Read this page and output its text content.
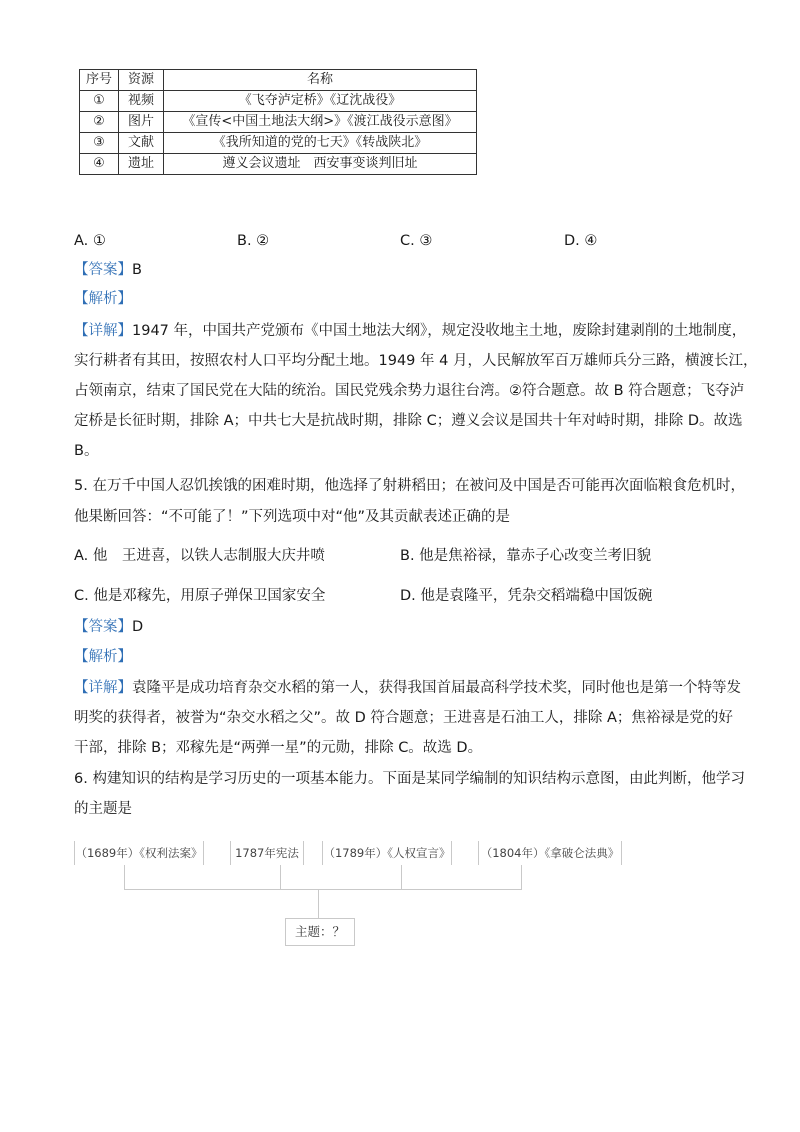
序号	资源	名称
①	视频	《飞夺泸定桥》《辽沈战役》
②	图片	《宣传<中国土地法大纲>》《渡江战役示意图》
③	文献	《我所知道的党的七天》《转战陕北》
④	遗址	遵义会议遗址　西安事变谈判旧址
A. ①	B. ②	C. ③	D. ④
【答案】B
【解析】
【详解】1947 年，中国共产党颁布《中国土地法大纲》，规定没收地主土地，废除封建剥削的土地制度，
实行耕者有其田，按照农村人口平均分配土地。1949 年 4 月，人民解放军百万雄师兵分三路，横渡长江，
占领南京，结束了国民党在大陆的统治。国民党残余势力退往台湾。②符合题意。故 B 符合题意；飞夺泸
定桥是长征时期，排除 A；中共七大是抗战时期，排除 C；遵义会议是国共十年对峙时期，排除 D。故选
B。
5. 在万千中国人忍饥挨饿的困难时期，他选择了射耕稻田；在被问及中国是否可能再次面临粮食危机时，
他果断回答：“不可能了！”下列选项中对“他”及其贡献表述正确的是
A. 他　王进喜，以铁人志制服大庆井喷	B. 他是焦裕禄，靠赤子心改变兰考旧貌
C. 他是邓稼先，用原子弹保卫国家安全	D. 他是袁隆平，凭杂交稻端稳中国饭碗
【答案】D
【解析】
【详解】袁隆平是成功培育杂交水稻的第一人，获得我国首届最高科学技术奖，同时他也是第一个特等发
明奖的获得者，被誉为“杂交水稻之父”。故 D 符合题意；王进喜是石油工人，排除 A；焦裕禄是党的好
干部，排除 B；邓稼先是“两弹一星”的元勋，排除 C。故选 D。
6. 构建知识的结构是学习历史的一项基本能力。下面是某同学编制的知识结构示意图，由此判断，他学习
的主题是
（1689年）《权利法案》	1787年宪法	（1789年）《人权宣言》	（1804年）《拿破仑法典》
主题：？
